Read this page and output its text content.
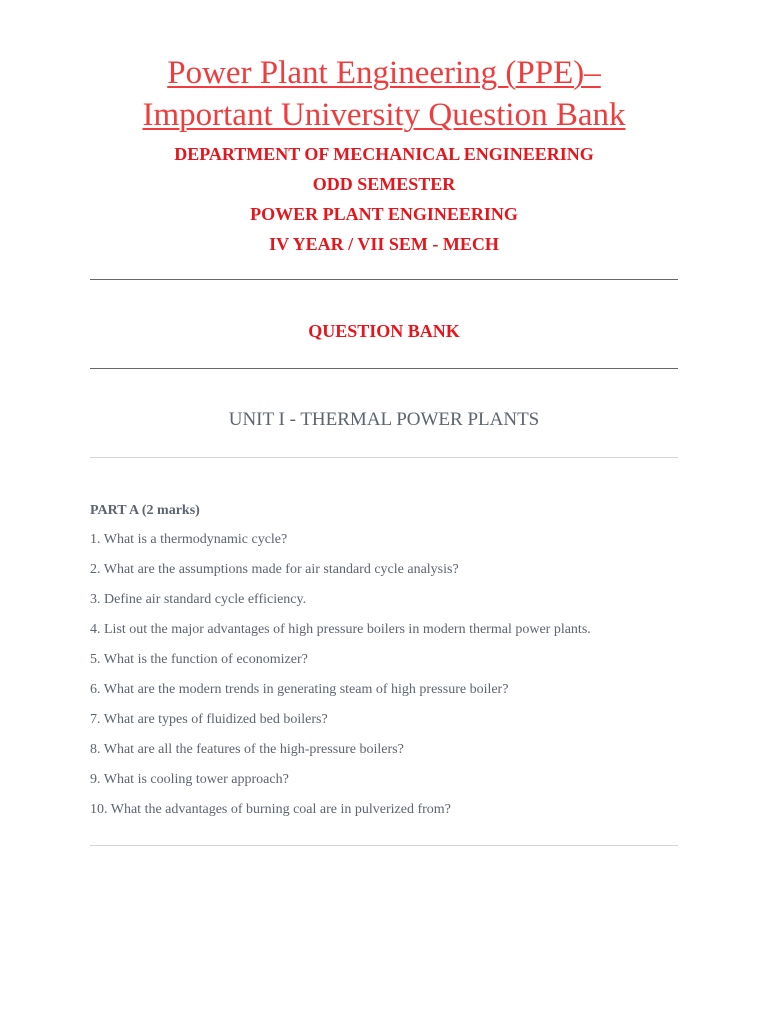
Power Plant Engineering (PPE)–
Important University Question Bank
DEPARTMENT OF MECHANICAL ENGINEERING
ODD SEMESTER
POWER PLANT ENGINEERING
IV YEAR / VII SEM - MECH
QUESTION BANK
UNIT I - THERMAL POWER PLANTS
PART A (2 marks)
1. What is a thermodynamic cycle?
2. What are the assumptions made for air standard cycle analysis?
3. Define air standard cycle efficiency.
4. List out the major advantages of high pressure boilers in modern thermal power plants.
5. What is the function of economizer?
6. What are the modern trends in generating steam of high pressure boiler?
7. What are types of fluidized bed boilers?
8. What are all the features of the high-pressure boilers?
9. What is cooling tower approach?
10. What the advantages of burning coal are in pulverized from?
